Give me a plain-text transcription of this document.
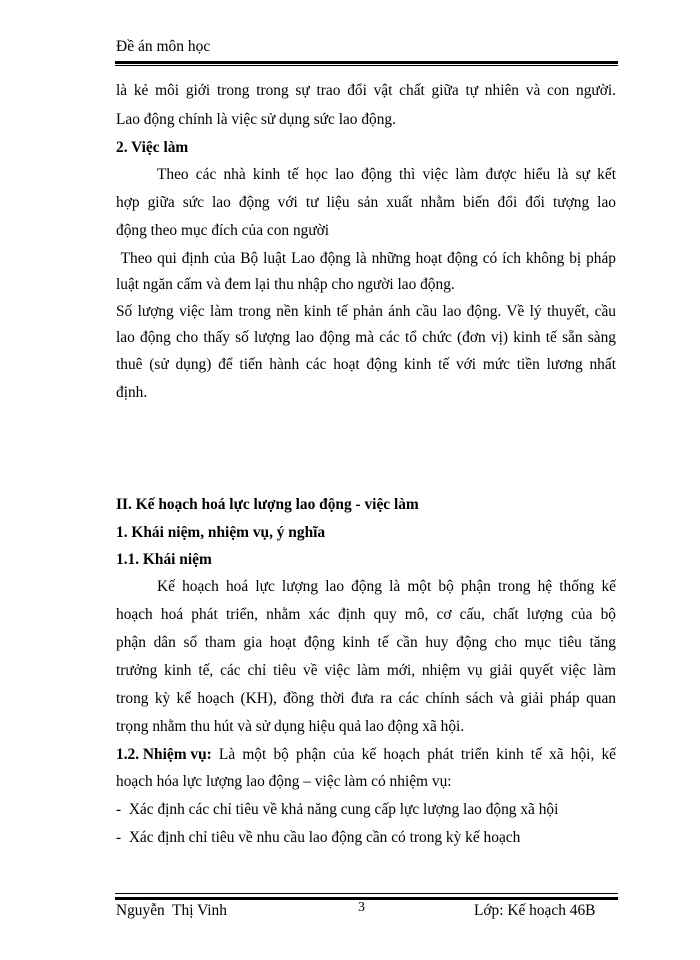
Đề án môn học
là kẻ môi giới trong trong sự trao đổi vật chất giữa tự nhiên và con người.
Lao động chính là việc sử dụng sức lao động.
2. Việc làm
Theo các nhà kinh tế học lao động thì việc làm được hiểu là sự kết
hợp giữa sức lao động với tư liệu sản xuất nhằm biến đổi đối tượng lao
động theo mục đích của con người
Theo qui định của Bộ luật Lao động là những hoạt động có ích không bị pháp
luật ngăn cấm và đem lại thu nhập cho người lao động.
Số lượng việc làm trong nền kinh tế phản ánh cầu lao động. Về lý thuyết, cầu
lao động cho thấy số lượng lao động mà các tổ chức (đơn vị) kinh tế sẵn sàng
thuê (sử dụng) để tiến hành các hoạt động kinh tế với mức tiền lương nhất
định.
II. Kế hoạch hoá lực lượng lao động - việc làm
1. Khái niệm, nhiệm vụ, ý nghĩa
1.1. Khái niệm
Kế hoạch hoá lực lượng lao động là một bộ phận trong hệ thống kế
hoạch hoá phát triển, nhằm xác định quy mô, cơ cấu, chất lượng của bộ
phận dân số tham gia hoạt động kinh tế cần huy động cho mục tiêu tăng
trưởng kinh tế, các chỉ tiêu về việc làm mới, nhiệm vụ giải quyết việc làm
trong kỳ kế hoạch (KH), đồng thời đưa ra các chính sách và giải pháp quan
trọng nhằm thu hút và sử dụng hiệu quả lao động xã hội.
1.2. Nhiệm vụ: Là một bộ phận của kế hoạch phát triển kinh tế xã hội, kế
hoạch hóa lực lượng lao động – việc làm có nhiệm vụ:
-  Xác định các chỉ tiêu về khả năng cung cấp lực lượng lao động xã hội
-  Xác định chỉ tiêu về nhu cầu lao động cần có trong kỳ kế hoạch
Nguyễn  Thị Vinh	3	Lớp: Kế hoạch 46B
